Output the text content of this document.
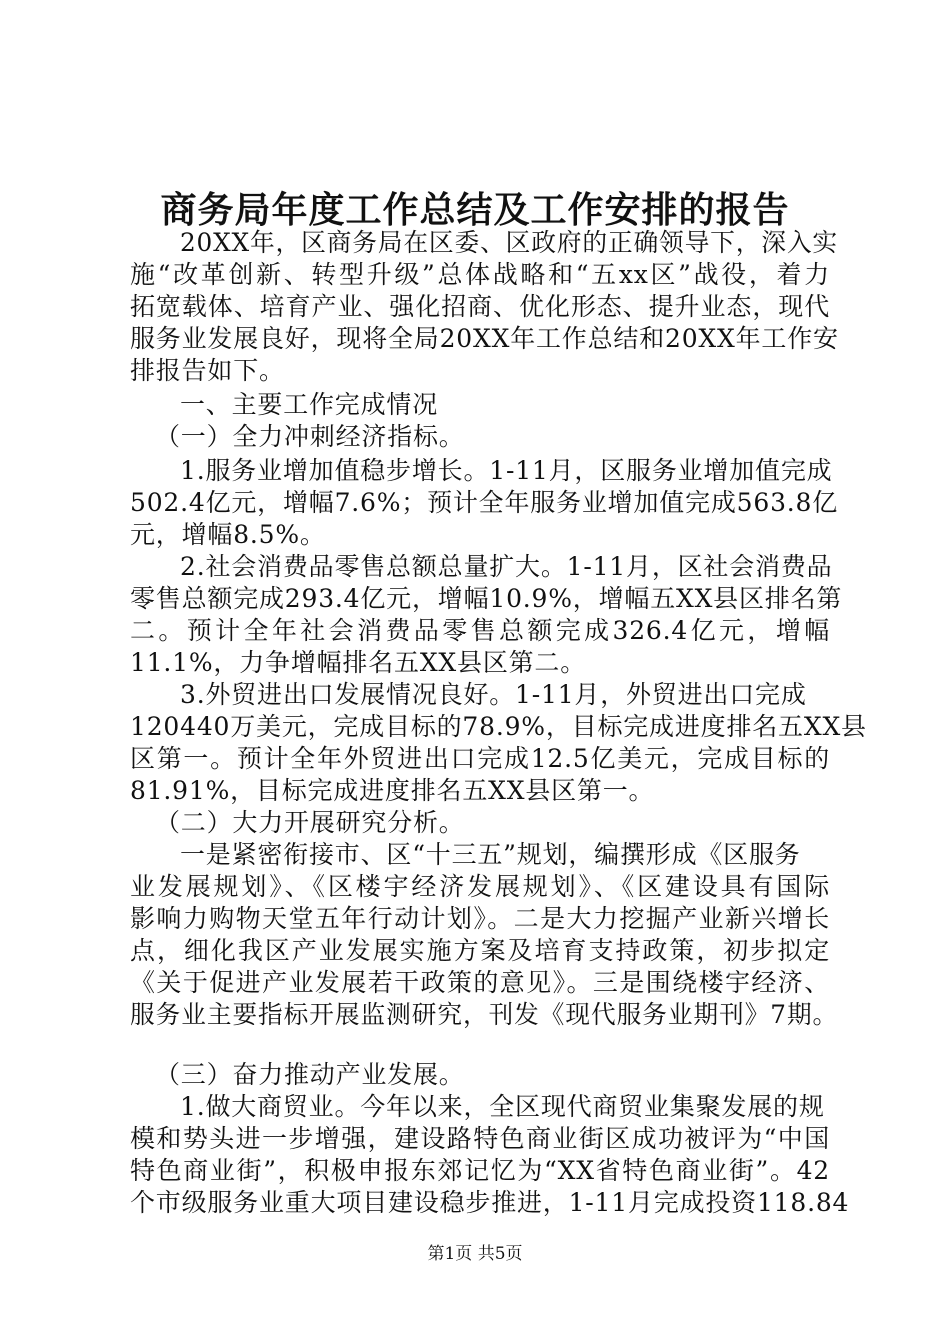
商务局年度工作总结及工作安排的报告
20XX年，区商务局在区委、区政府的正确领导下，深入实
施“改革创新、转型升级”总体战略和“五xx区”战役，着力
拓宽载体、培育产业、强化招商、优化形态、提升业态，现代
服务业发展良好，现将全局20XX年工作总结和20XX年工作安
排报告如下。
一、主要工作完成情况
（一）全力冲刺经济指标。
1.服务业增加值稳步增长。1-11月，区服务业增加值完成
502.4亿元，增幅7.6%；预计全年服务业增加值完成563.8亿
元，增幅8.5%。
2.社会消费品零售总额总量扩大。1-11月，区社会消费品
零售总额完成293.4亿元，增幅10.9%，增幅五XX县区排名第
二。预计全年社会消费品零售总额完成326.4亿元，增幅
11.1%，力争增幅排名五XX县区第二。
3.外贸进出口发展情况良好。1-11月，外贸进出口完成
120440万美元，完成目标的78.9%，目标完成进度排名五XX县
区第一。预计全年外贸进出口完成12.5亿美元，完成目标的
81.91%，目标完成进度排名五XX县区第一。
（二）大力开展研究分析。
一是紧密衔接市、区“十三五”规划，编撰形成《区服务
业发展规划》、《区楼宇经济发展规划》、《区建设具有国际
影响力购物天堂五年行动计划》。二是大力挖掘产业新兴增长
点，细化我区产业发展实施方案及培育支持政策，初步拟定
《关于促进产业发展若干政策的意见》。三是围绕楼宇经济、
服务业主要指标开展监测研究，刊发《现代服务业期刊》7期。
（三）奋力推动产业发展。
1.做大商贸业。今年以来，全区现代商贸业集聚发展的规
模和势头进一步增强，建设路特色商业街区成功被评为“中国
特色商业街”，积极申报东郊记忆为“XX省特色商业街”。42
个市级服务业重大项目建设稳步推进，1-11月完成投资118.84
第1页 共5页
